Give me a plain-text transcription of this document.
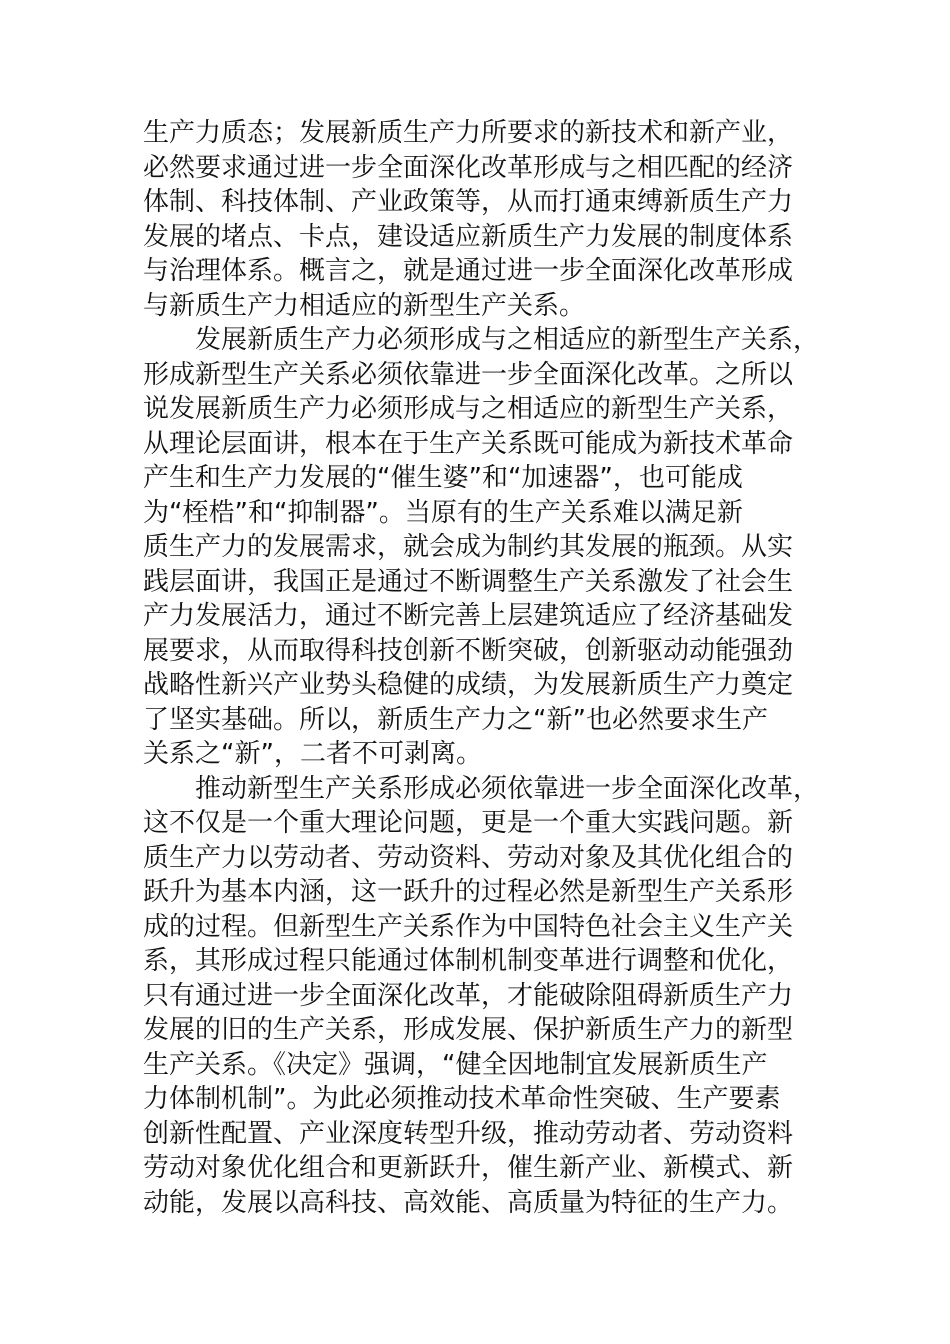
生产力质态；发展新质生产力所要求的新技术和新产业，
必然要求通过进一步全面深化改革形成与之相匹配的经济
体制、科技体制、产业政策等，从而打通束缚新质生产力
发展的堵点、卡点，建设适应新质生产力发展的制度体系
与治理体系。概言之，就是通过进一步全面深化改革形成
与新质生产力相适应的新型生产关系。
发展新质生产力必须形成与之相适应的新型生产关系，
形成新型生产关系必须依靠进一步全面深化改革。之所以
说发展新质生产力必须形成与之相适应的新型生产关系，
从理论层面讲，根本在于生产关系既可能成为新技术革命
产生和生产力发展的“催生婆”和“加速器”，也可能成
为“桎梏”和“抑制器”。当原有的生产关系难以满足新
质生产力的发展需求，就会成为制约其发展的瓶颈。从实
践层面讲，我国正是通过不断调整生产关系激发了社会生
产力发展活力，通过不断完善上层建筑适应了经济基础发
展要求，从而取得科技创新不断突破，创新驱动动能强劲
战略性新兴产业势头稳健的成绩，为发展新质生产力奠定
了坚实基础。所以，新质生产力之“新”也必然要求生产
关系之“新”，二者不可剥离。
推动新型生产关系形成必须依靠进一步全面深化改革，
这不仅是一个重大理论问题，更是一个重大实践问题。新
质生产力以劳动者、劳动资料、劳动对象及其优化组合的
跃升为基本内涵，这一跃升的过程必然是新型生产关系形
成的过程。但新型生产关系作为中国特色社会主义生产关
系，其形成过程只能通过体制机制变革进行调整和优化，
只有通过进一步全面深化改革，才能破除阻碍新质生产力
发展的旧的生产关系，形成发展、保护新质生产力的新型
生产关系。《决定》强调，“健全因地制宜发展新质生产
力体制机制”。为此必须推动技术革命性突破、生产要素
创新性配置、产业深度转型升级，推动劳动者、劳动资料
劳动对象优化组合和更新跃升，催生新产业、新模式、新
动能，发展以高科技、高效能、高质量为特征的生产力。
